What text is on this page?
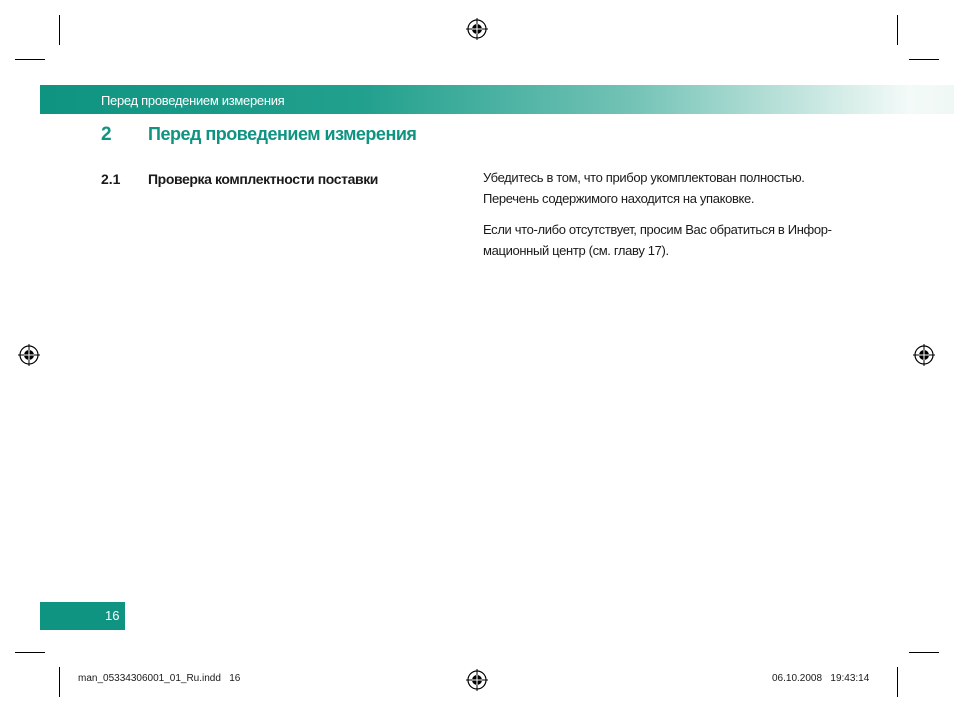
Перед проведением измерения
2 Перед проведением измерения
2.1 Проверка комплектности поставки	Убедитесь в том, что прибор укомплектован полностью.

Перечень содержимого находится на упаковке.

Если что-либо отсутствует, просим Вас обратиться в Инфор-

мационный центр (см. главу 17).

16
man_05334306001_01_Ru.indd   16	06.10.2008   19:43:14
